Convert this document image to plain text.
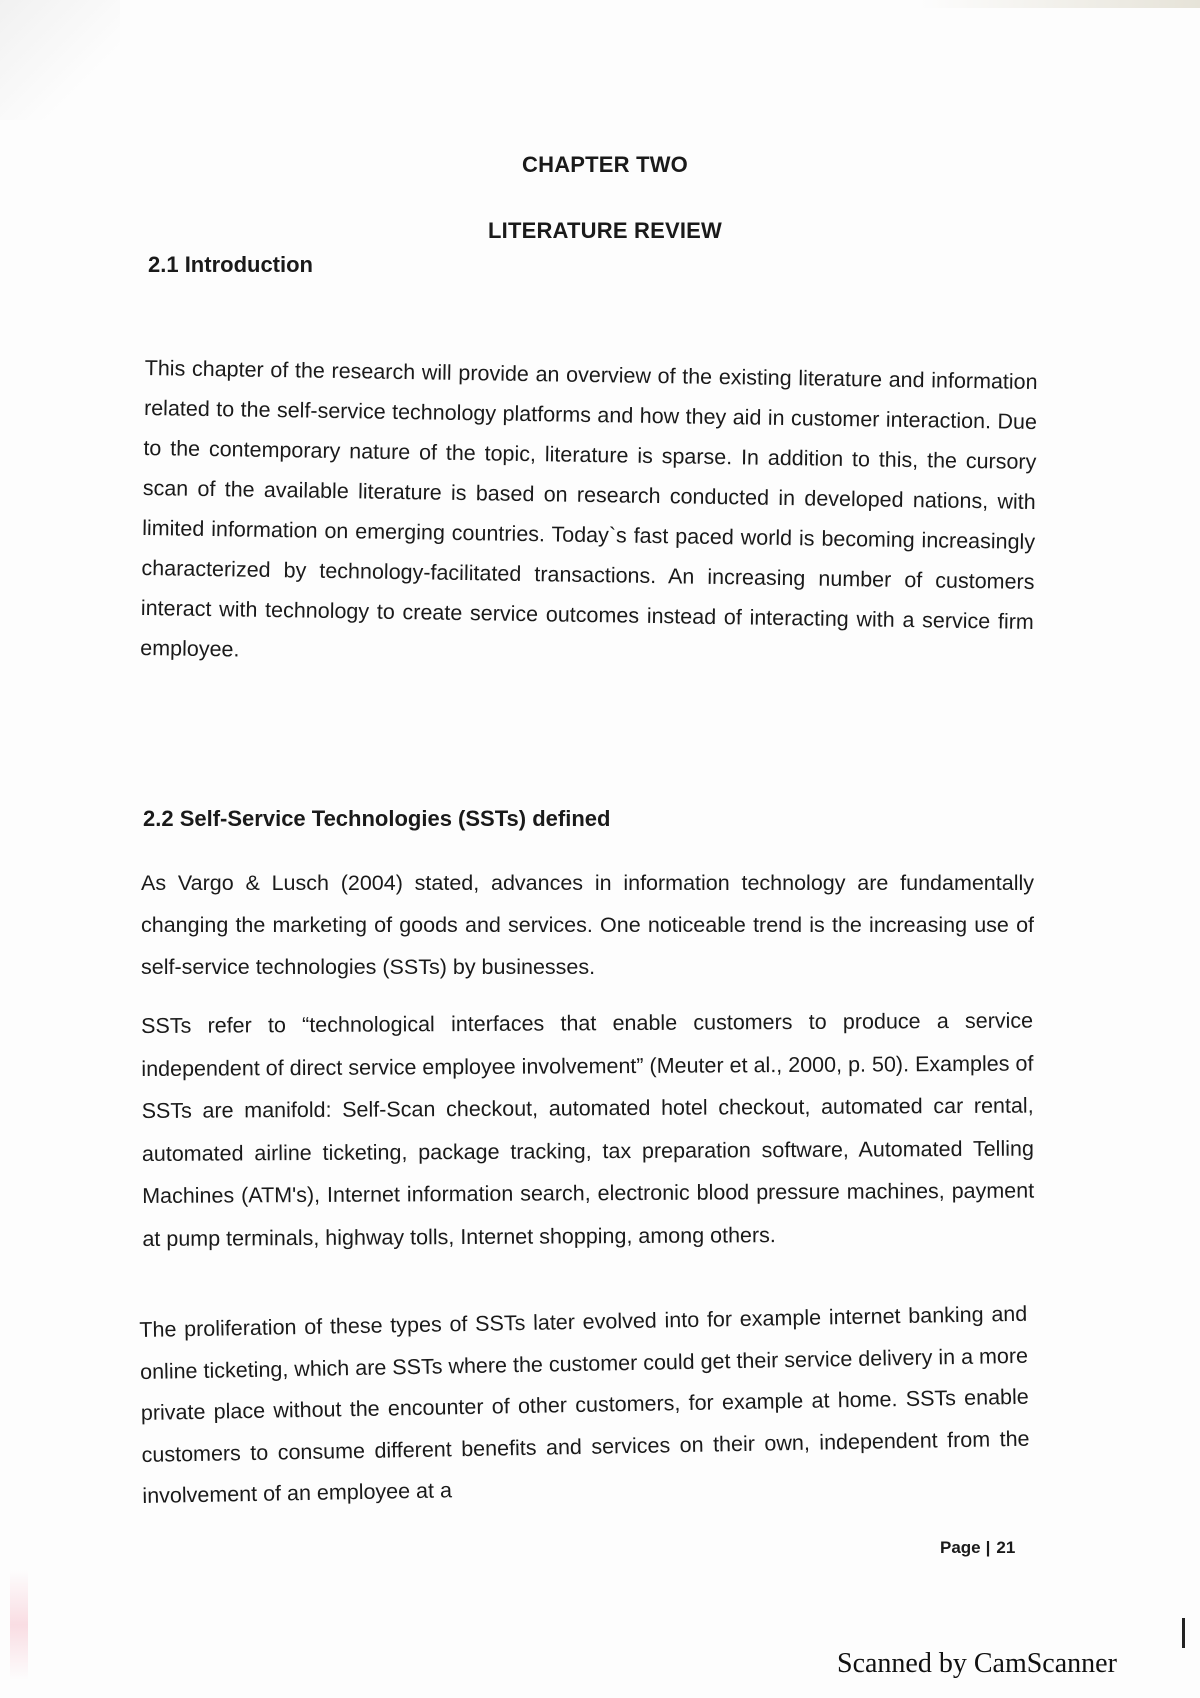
CHAPTER TWO
LITERATURE REVIEW
2.1 Introduction

This chapter of the research will provide an overview of the existing literature and information related to the self-service technology platforms and how they aid in customer interaction. Due to the contemporary nature of the topic, literature is sparse. In addition to this, the cursory scan of the available literature is based on research conducted in developed nations, with limited information on emerging countries. Today`s fast paced world is becoming increasingly characterized by technology-facilitated transactions. An increasing number of customers interact with technology to create service outcomes instead of interacting with a service firm employee.

2.2 Self-Service Technologies (SSTs) defined

As Vargo & Lusch (2004) stated, advances in information technology are fundamentally changing the marketing of goods and services. One noticeable trend is the increasing use of self-service technologies (SSTs) by businesses.

SSTs refer to “technological interfaces that enable customers to produce a service independent of direct service employee involvement” (Meuter et al., 2000, p. 50). Examples of SSTs are manifold: Self-Scan checkout, automated hotel checkout, automated car rental, automated airline ticketing, package tracking, tax preparation software, Automated Telling Machines (ATM's), Internet information search, electronic blood pressure machines, payment at pump terminals, highway tolls, Internet shopping, among others.

The proliferation of these types of SSTs later evolved into for example internet banking and online ticketing, which are SSTs where the customer could get their service delivery in a more private place without the encounter of other customers, for example at home. SSTs enable customers to consume different benefits and services on their own, independent from the involvement of an employee at a

Page | 21
Scanned by CamScanner
